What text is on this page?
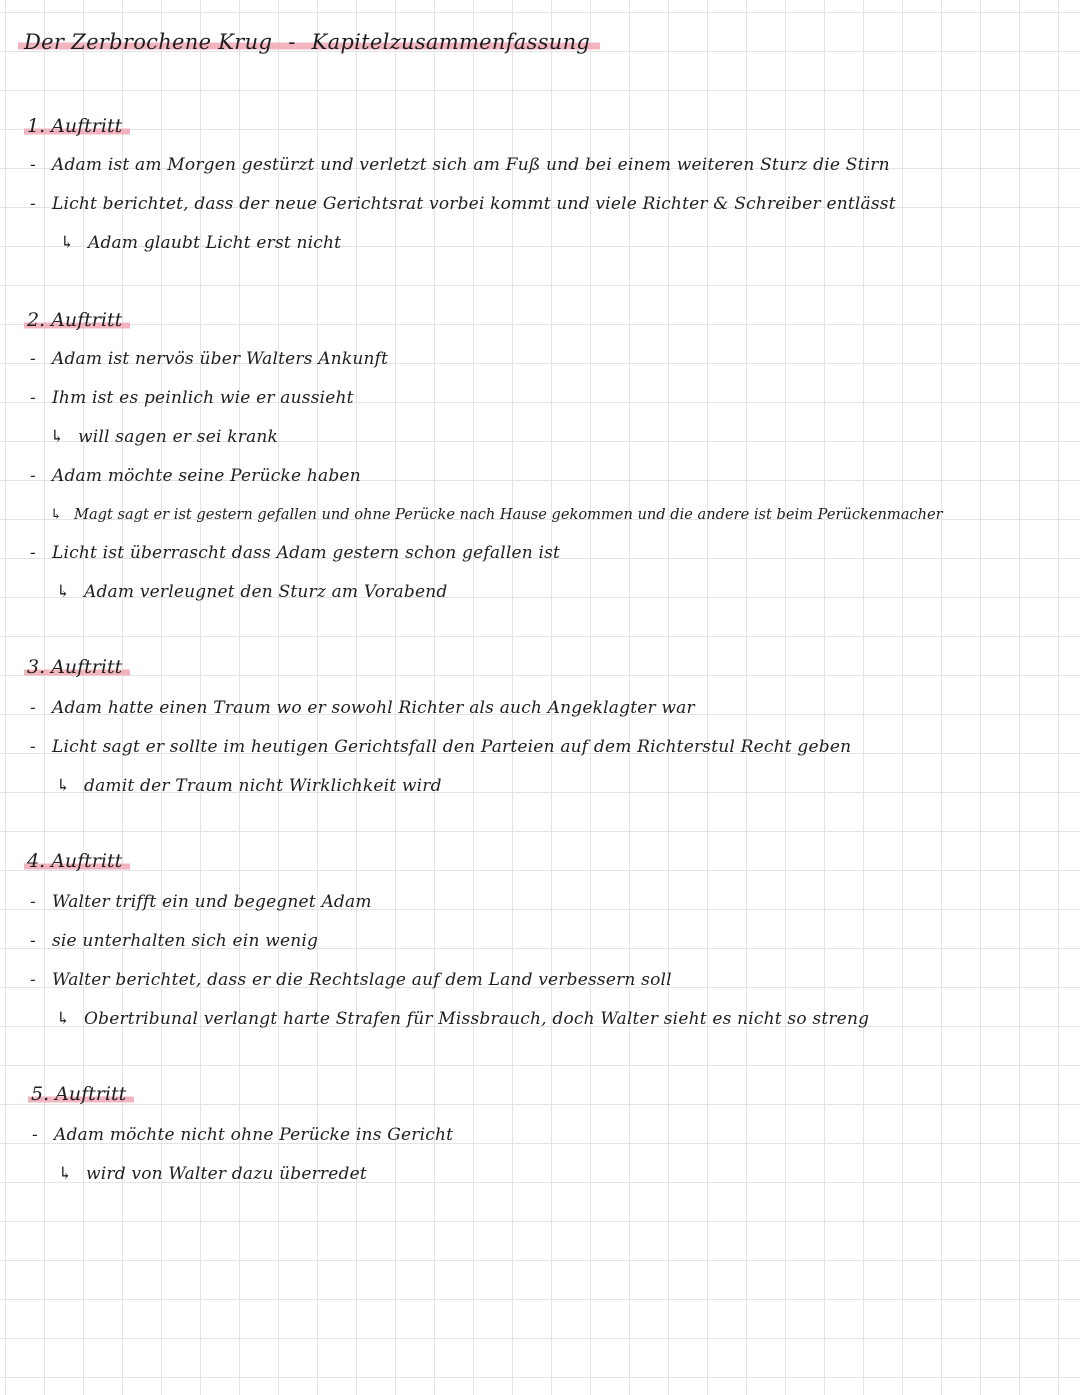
Der Zerbrochene Krug - Kapitelzusammenfassung
1. Auftritt
- Adam ist am Morgen gestürzt und verletzt sich am Fuß und bei einem weiteren Sturz die Stirn
- Licht berichtet, dass der neue Gerichtsrat vorbei kommt und viele Richter & Schreiber entlässt
↳ Adam glaubt Licht erst nicht
2. Auftritt
- Adam ist nervös über Walters Ankunft
- Ihm ist es peinlich wie er aussieht
↳ will sagen er sei krank
- Adam möchte seine Perücke haben
↳ Magt sagt er ist gestern gefallen und ohne Perücke nach Hause gekommen und die andere ist beim Perückenmacher
- Licht ist überrascht dass Adam gestern schon gefallen ist
↳ Adam verleugnet den Sturz am Vorabend
3. Auftritt
- Adam hatte einen Traum wo er sowohl Richter als auch Angeklagter war
- Licht sagt er sollte im heutigen Gerichtsfall den Parteien auf dem Richterstul Recht geben
↳ damit der Traum nicht Wirklichkeit wird
4. Auftritt
- Walter trifft ein und begegnet Adam
- sie unterhalten sich ein wenig
- Walter berichtet, dass er die Rechtslage auf dem Land verbessern soll
↳ Obertribunal verlangt harte Strafen für Missbrauch, doch Walter sieht es nicht so streng
5. Auftritt
- Adam möchte nicht ohne Perücke ins Gericht
↳ wird von Walter dazu überredet
